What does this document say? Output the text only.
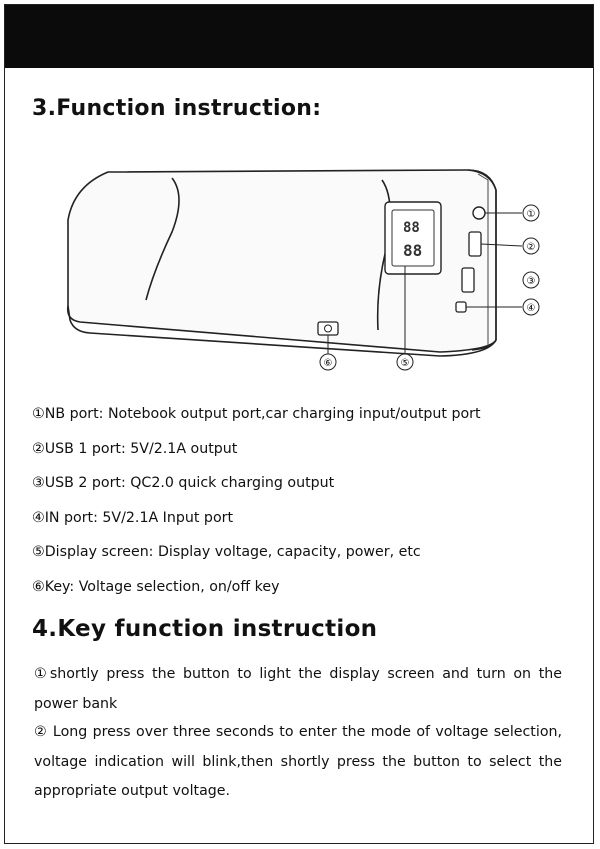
3.Function instruction:
88
88
①
②
③
④
⑥	⑤
①NB port: Notebook output port,car charging input/output port
②USB 1 port: 5V/2.1A output
③USB 2 port: QC2.0 quick charging output
④IN port: 5V/2.1A Input port
⑤Display screen: Display voltage, capacity, power, etc
⑥Key: Voltage selection, on/off key
4.Key function instruction

①shortly press the button to light the display screen and turn on the power bank

② Long press over three seconds to enter the mode of voltage selection, voltage indication will blink,then shortly press the button to select the appropriate output voltage.
